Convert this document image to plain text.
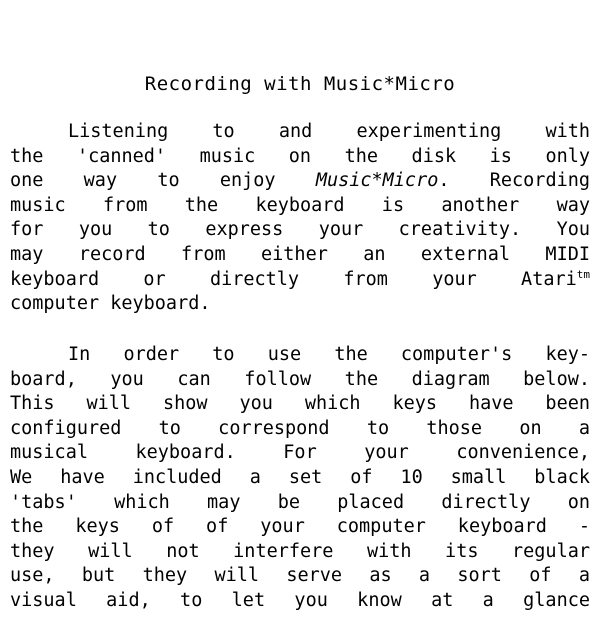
Recording with Music*Micro
Listening to and experimenting with
the 'canned' music on the disk is only
one way to enjoy Music*Micro. Recording
music from the keyboard is another way
for you to express your creativity. You
may record from either an external MIDI
keyboard or directly from your Atari$^{tm}$
computer keyboard.
In order to use the computer's key-
board, you can follow the diagram below.
This will show you which keys have been
configured to correspond to those on a
musical keyboard. For your convenience,
We have included a set of 10 small black
'tabs' which may be placed directly on
the keys of of your computer keyboard -
they will not interfere with its regular
use, but they will serve as a sort of a
visual aid, to let you know at a glance
